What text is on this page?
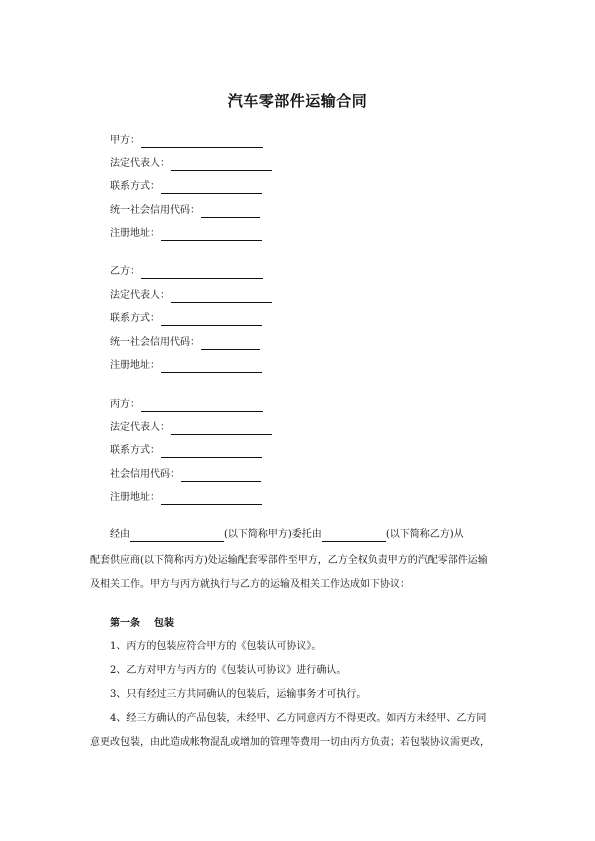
汽车零部件运输合同
甲方：
法定代表人：
联系方式：
统一社会信用代码：
注册地址：
乙方：
法定代表人：
联系方式：
统一社会信用代码：
注册地址：
丙方：
法定代表人：
联系方式：
社会信用代码：
注册地址：
经由	(以下简称甲方)委托由	(以下简称乙方)从
配套供应商(以下简称丙方)处运输配套零部件至甲方，乙方全权负责甲方的汽配零部件运输
及相关工作。甲方与丙方就执行与乙方的运输及相关工作达成如下协议：
第一条 包装
1、丙方的包装应符合甲方的《包装认可协议》。
2、乙方对甲方与丙方的《包装认可协议》进行确认。
3、只有经过三方共同确认的包装后，运输事务才可执行。
4、经三方确认的产品包装，未经甲、乙方同意丙方不得更改。如丙方未经甲、乙方同
意更改包装，由此造成帐物混乱或增加的管理等费用一切由丙方负责；若包装协议需更改，
